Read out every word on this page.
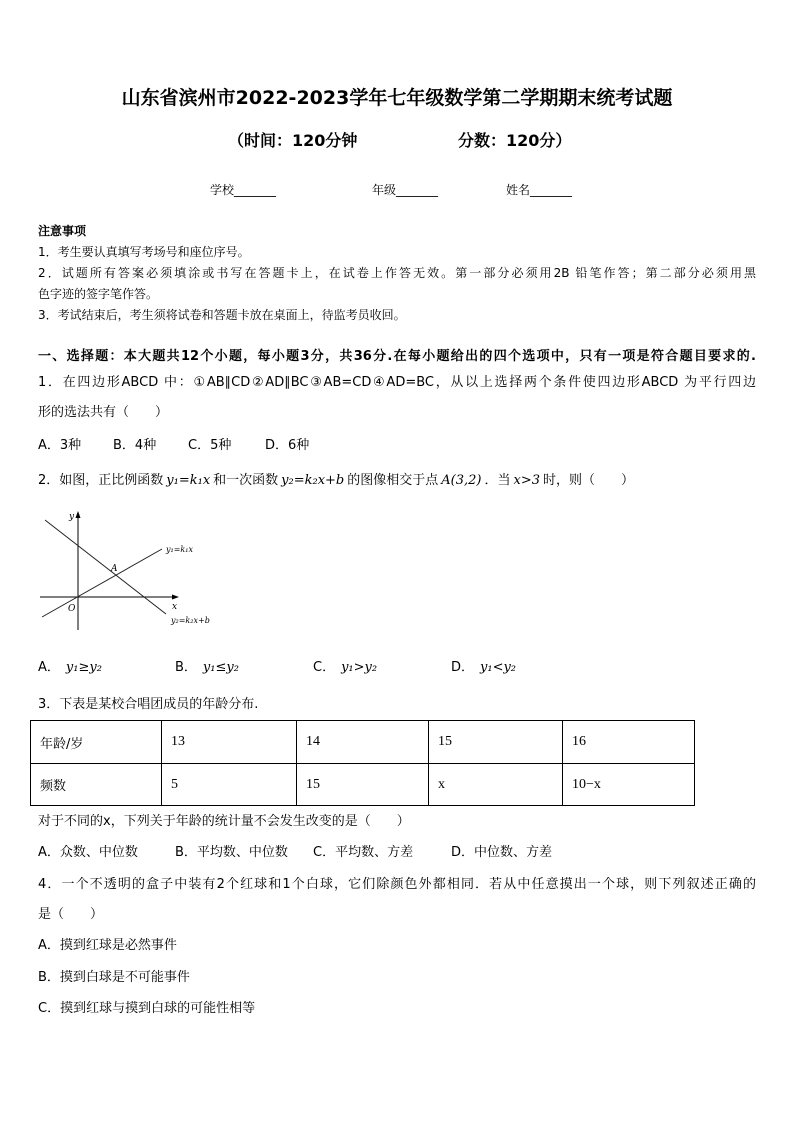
山东省滨州市2022-2023学年七年级数学第二学期期末统考试题
（时间：120分钟	分数：120分）
学校_______	年级_______	姓名_______
注意事项
1．考生要认真填写考场号和座位序号。
2．试题所有答案必须填涂或书写在答题卡上，在试卷上作答无效。第一部分必须用2B 铅笔作答；第二部分必须用黑
色字迹的签字笔作答。
3．考试结束后，考生须将试卷和答题卡放在桌面上，待监考员收回。
一、选择题：本大题共12个小题，每小题3分，共36分.在每小题给出的四个选项中，只有一项是符合题目要求的.
1．在四边形ABCD 中：①AB∥CD②AD∥BC③AB=CD④AD=BC，从以上选择两个条件使四边形ABCD 为平行四边
形的选法共有（　　）
A．3种 B．4种 C．5种	D．6种
2．如图，正比例函数 y₁=k₁x 和一次函数 y₂=k₂x+b 的图像相交于点 A(3,2) ．当 x>3 时，则（　　）
y
x
O
A
y₁=k₁x
y₂=k₂x+b
A． y₁≥y₂	B． y₁≤y₂	C． y₁>y₂	D． y₁<y₂
3．下表是某校合唱团成员的年龄分布.
年龄/岁	13	14	15	16
频数	5	15	x	10−x
对于不同的x，下列关于年龄的统计量不会发生改变的是（　　）
A．众数、中位数	B．平均数、中位数 C．平均数、方差	D．中位数、方差
4．一个不透明的盒子中装有2个红球和1个白球，它们除颜色外都相同．若从中任意摸出一个球，则下列叙述正确的
是（　　）
A．摸到红球是必然事件
B．摸到白球是不可能事件
C．摸到红球与摸到白球的可能性相等
